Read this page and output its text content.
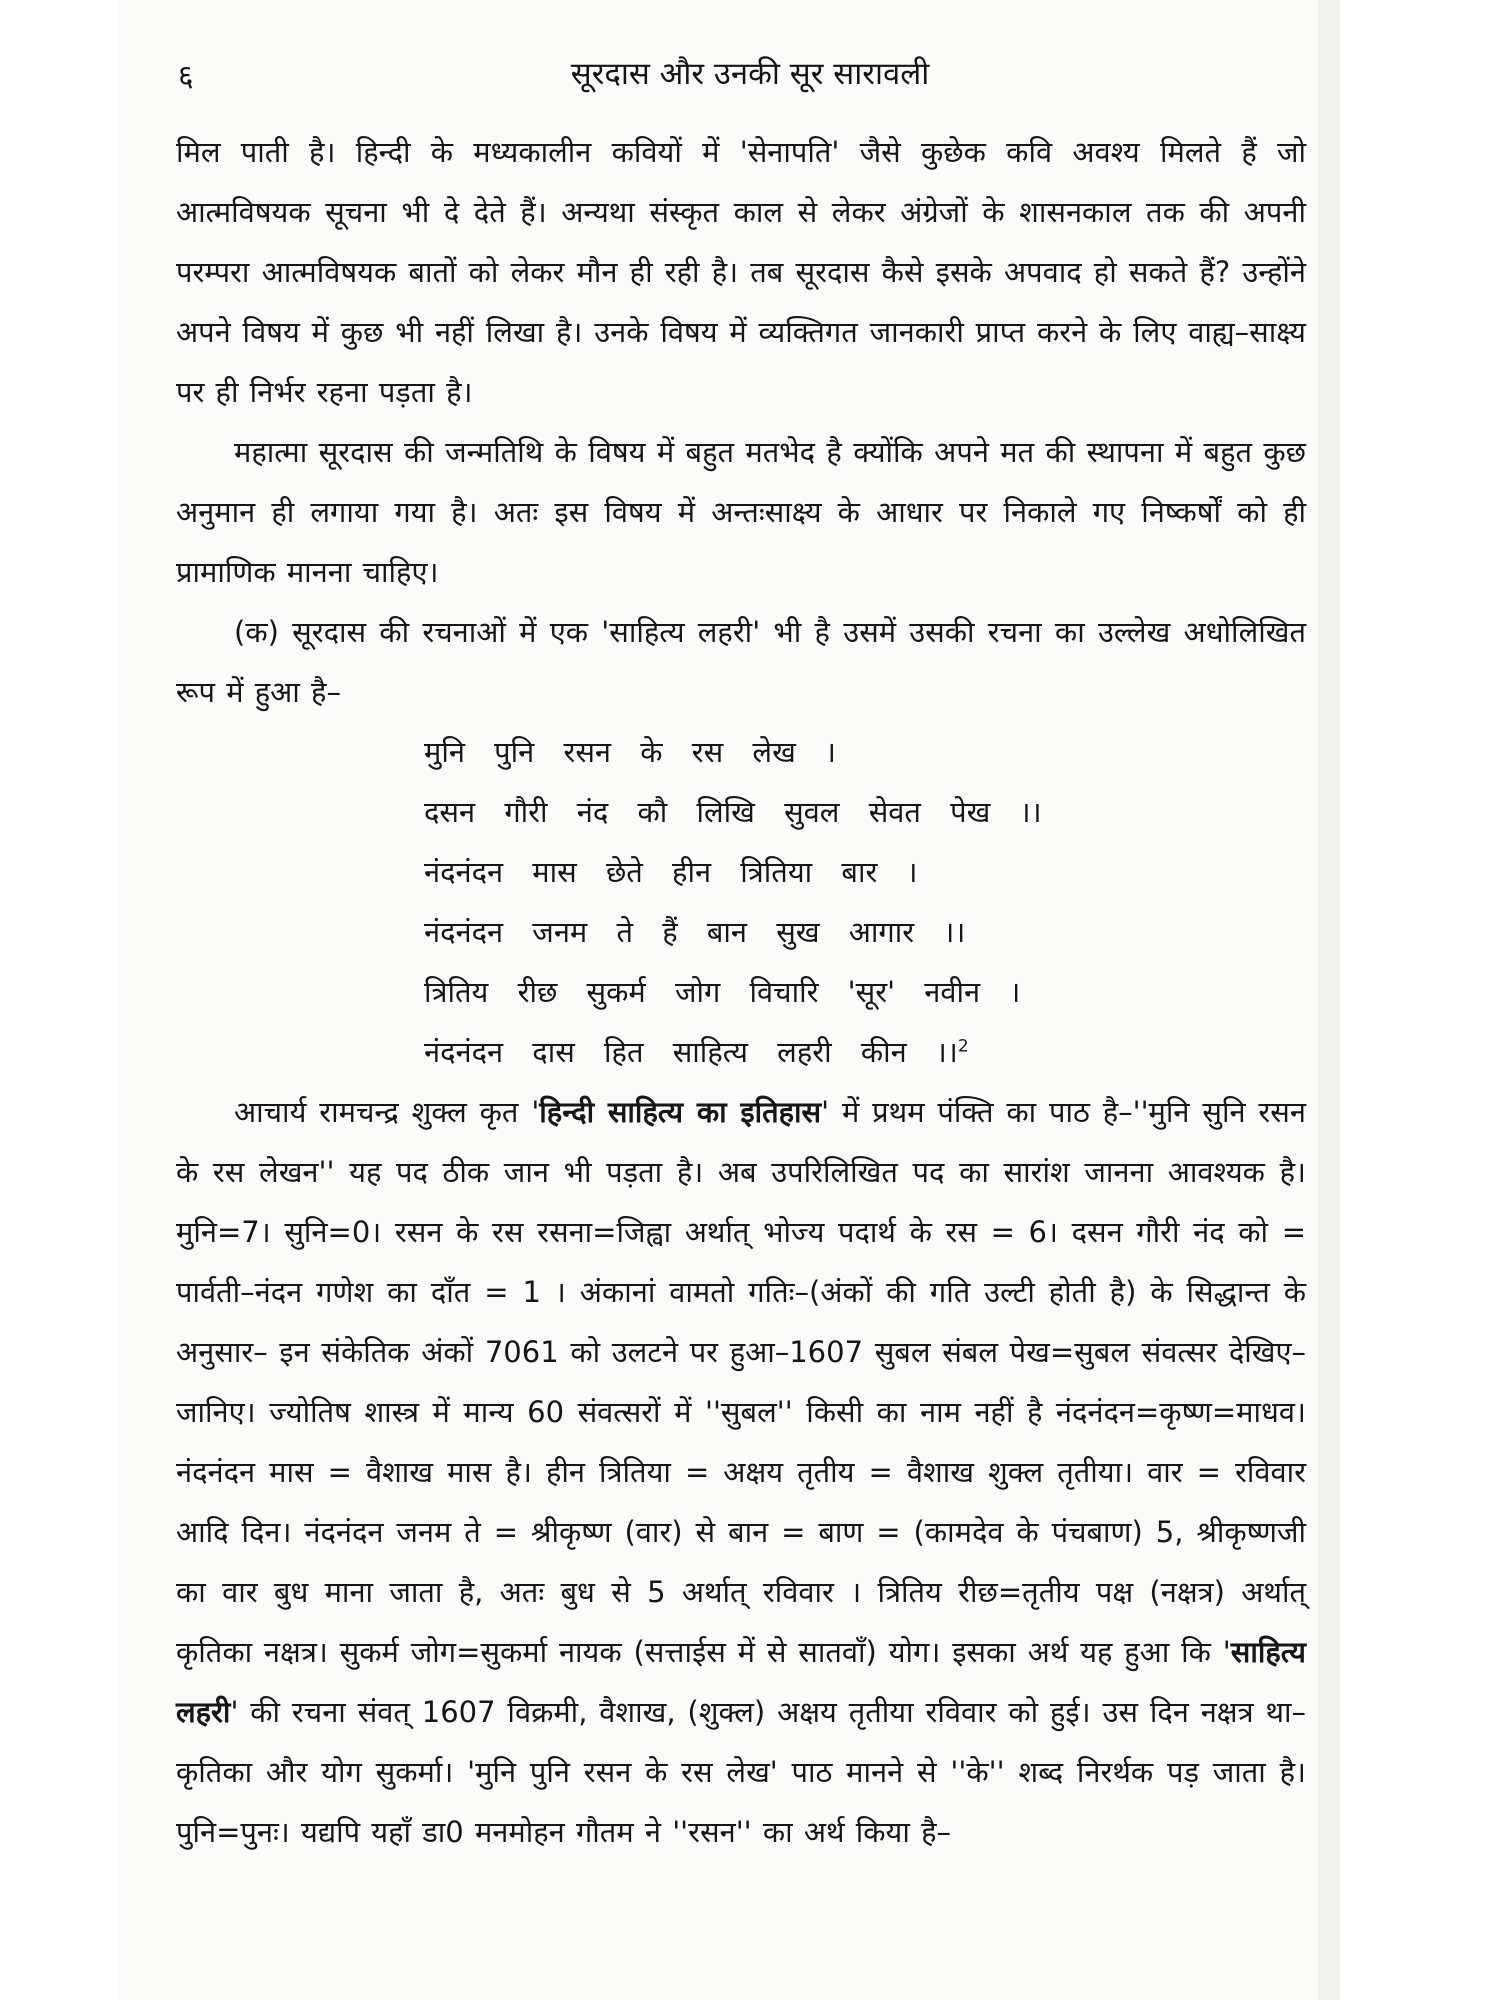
६	सूरदास और उनकी सूर सारावली

मिल पाती है। हिन्दी के मध्यकालीन कवियों में 'सेनापति' जैसे कुछेक कवि अवश्य मिलते हैं जो आत्मविषयक सूचना भी दे देते हैं। अन्यथा संस्कृत काल से लेकर अंग्रेजों के शासनकाल तक की अपनी परम्परा आत्मविषयक बातों को लेकर मौन ही रही है। तब सूरदास कैसे इसके अपवाद हो सकते हैं? उन्होंने अपने विषय में कुछ भी नहीं लिखा है। उनके विषय में व्यक्तिगत जानकारी प्राप्त करने के लिए वाह्य–साक्ष्य पर ही निर्भर रहना पड़ता है।

महात्मा सूरदास की जन्मतिथि के विषय में बहुत मतभेद है क्योंकि अपने मत की स्थापना में बहुत कुछ अनुमान ही लगाया गया है। अतः इस विषय में अन्तःसाक्ष्य के आधार पर निकाले गए निष्कर्षों को ही प्रामाणिक मानना चाहिए।

(क) सूरदास की रचनाओं में एक 'साहित्य लहरी' भी है उसमें उसकी रचना का उल्लेख अधोलिखित रूप में हुआ है–

मुनि पुनि रसन के रस लेख ।
दसन गौरी नंद कौ लिखि सुवल सेवत पेख ।।
नंदनंदन मास छेते हीन त्रितिया बार ।
नंदनंदन जनम ते हैं बान सुख आगार ।।
त्रितिय रीछ सुकर्म जोग विचारि 'सूर' नवीन ।
नंदनंदन दास हित साहित्य लहरी कीन ।।$^2$

आचार्य रामचन्द्र शुक्ल कृत 'हिन्दी साहित्य का इतिहास' में प्रथम पंक्ति का पाठ है–''मुनि सुनि रसन के रस लेखन'' यह पद ठीक जान भी पड़ता है। अब उपरिलिखित पद का सारांश जानना आवश्यक है। मुनि=7। सुनि=0। रसन के रस रसना=जिह्वा अर्थात् भोज्य पदार्थ के रस = 6। दसन गौरी नंद को = पार्वती–नंदन गणेश का दाँत = 1 । अंकानां वामतो गतिः–(अंकों की गति उल्टी होती है) के सिद्धान्त के अनुसार– इन संकेतिक अंकों 7061 को उलटने पर हुआ–1607 सुबल संबल पेख=सुबल संवत्सर देखिए–जानिए। ज्योतिष शास्त्र में मान्य 60 संवत्सरों में ''सुबल'' किसी का नाम नहीं है नंदनंदन=कृष्ण=माधव। नंदनंदन मास = वैशाख मास है। हीन त्रितिया = अक्षय तृतीय = वैशाख शुक्ल तृतीया। वार = रविवार आदि दिन। नंदनंदन जनम ते = श्रीकृष्ण (वार) से बान = बाण = (कामदेव के पंचबाण) 5, श्रीकृष्णजी का वार बुध माना जाता है, अतः बुध से 5 अर्थात् रविवार । त्रितिय रीछ=तृतीय पक्ष (नक्षत्र) अर्थात् कृतिका नक्षत्र। सुकर्म जोग=सुकर्मा नायक (सत्ताईस में से सातवाँ) योग। इसका अर्थ यह हुआ कि 'साहित्य लहरी' की रचना संवत् 1607 विक्रमी, वैशाख, (शुक्ल) अक्षय तृतीया रविवार को हुई। उस दिन नक्षत्र था– कृतिका और योग सुकर्मा। 'मुनि पुनि रसन के रस लेख' पाठ मानने से ''के'' शब्द निरर्थक पड़ जाता है। पुनि=पुनः। यद्यपि यहाँ डा0 मनमोहन गौतम ने ''रसन'' का अर्थ किया है–
